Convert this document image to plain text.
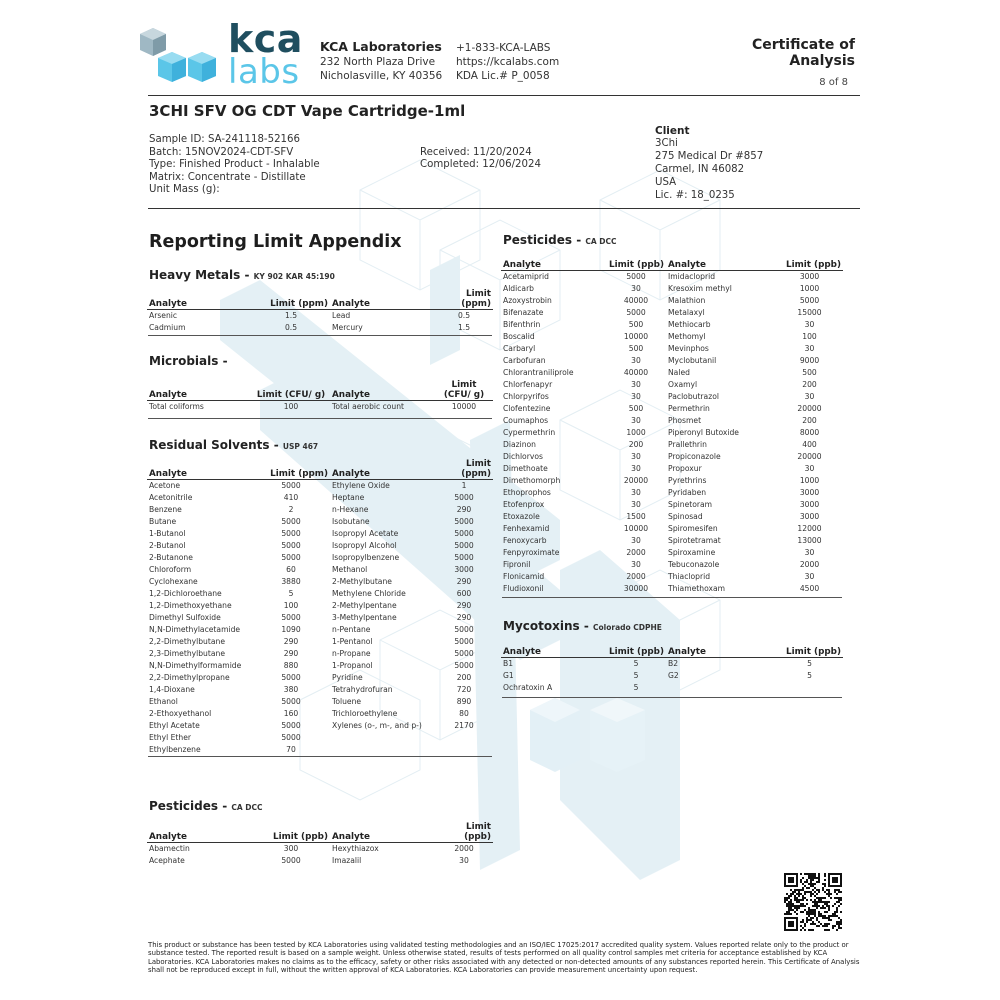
kca
labs
KCA Laboratories
232 North Plaza Drive
Nicholasville, KY 40356
+1-833-KCA-LABS
https://kcalabs.com
KDA Lic.# P_0058
Certificate of Analysis
8 of 8
3CHI SFV OG CDT Vape Cartridge-1ml
Sample ID: SA-241118-52166
Batch: 15NOV2024-CDT-SFV
Type: Finished Product - Inhalable
Matrix: Concentrate - Distillate
Unit Mass (g):
Received: 11/20/2024
Completed: 12/06/2024
Client
3Chi
275 Medical Dr #857
Carmel, IN 46082
USA
Lic. #: 18_0235
Reporting Limit Appendix
Heavy Metals - KY 902 KAR 45:190
Analyte	Limit (ppm)	Analyte	Limit (ppm)
Arsenic	1.5	Lead	0.5
Cadmium	0.5	Mercury	1.5
Microbials -
Analyte	Limit (CFU/ g)	Analyte	Limit (CFU/ g)
Total coliforms	100	Total aerobic count	10000
Residual Solvents - USP 467
Analyte	Limit (ppm)	Analyte	Limit (ppm)
Acetone	5000	Ethylene Oxide	1
Acetonitrile	410	Heptane	5000
Benzene	2	n-Hexane	290
Butane	5000	Isobutane	5000
1-Butanol	5000	Isopropyl Acetate	5000
2-Butanol	5000	Isopropyl Alcohol	5000
2-Butanone	5000	Isopropylbenzene	5000
Chloroform	60	Methanol	3000
Cyclohexane	3880	2-Methylbutane	290
1,2-Dichloroethane	5	Methylene Chloride	600
1,2-Dimethoxyethane	100	2-Methylpentane	290
Dimethyl Sulfoxide	5000	3-Methylpentane	290
N,N-Dimethylacetamide	1090	n-Pentane	5000
2,2-Dimethylbutane	290	1-Pentanol	5000
2,3-Dimethylbutane	290	n-Propane	5000
N,N-Dimethylformamide	880	1-Propanol	5000
2,2-Dimethylpropane	5000	Pyridine	200
1,4-Dioxane	380	Tetrahydrofuran	720
Ethanol	5000	Toluene	890
2-Ethoxyethanol	160	Trichloroethylene	80
Ethyl Acetate	5000	Xylenes (o-, m-, and p-)	2170
Ethyl Ether	5000		
Ethylbenzene	70		
Pesticides - CA DCC
Analyte	Limit (ppb)	Analyte	Limit (ppb)
Abamectin	300	Hexythiazox	2000
Acephate	5000	Imazalil	30
Pesticides - CA DCC
Analyte	Limit (ppb)	Analyte	Limit (ppb)
Acetamiprid	5000	Imidacloprid	3000
Aldicarb	30	Kresoxim methyl	1000
Azoxystrobin	40000	Malathion	5000
Bifenazate	5000	Metalaxyl	15000
Bifenthrin	500	Methiocarb	30
Boscalid	10000	Methomyl	100
Carbaryl	500	Mevinphos	30
Carbofuran	30	Myclobutanil	9000
Chlorantraniliprole	40000	Naled	500
Chlorfenapyr	30	Oxamyl	200
Chlorpyrifos	30	Paclobutrazol	30
Clofentezine	500	Permethrin	20000
Coumaphos	30	Phosmet	200
Cypermethrin	1000	Piperonyl Butoxide	8000
Diazinon	200	Prallethrin	400
Dichlorvos	30	Propiconazole	20000
Dimethoate	30	Propoxur	30
Dimethomorph	20000	Pyrethrins	1000
Ethoprophos	30	Pyridaben	3000
Etofenprox	30	Spinetoram	3000
Etoxazole	1500	Spinosad	3000
Fenhexamid	10000	Spiromesifen	12000
Fenoxycarb	30	Spirotetramat	13000
Fenpyroximate	2000	Spiroxamine	30
Fipronil	30	Tebuconazole	2000
Flonicamid	2000	Thiacloprid	30
Fludioxonil	30000	Thiamethoxam	4500
Mycotoxins - Colorado CDPHE
Analyte	Limit (ppb)	Analyte	Limit (ppb)
B1	5	B2	5
G1	5	G2	5
Ochratoxin A	5		
This product or substance has been tested by KCA Laboratories using validated testing methodologies and an ISO/IEC 17025:2017 accredited quality system. Values reported relate only to the product or substance tested. The reported result is based on a sample weight. Unless otherwise stated, results of tests performed on all quality control samples met criteria for acceptance established by KCA Laboratories. KCA Laboratories makes no claims as to the efficacy, safety or other risks associated with any detected or non-detected amounts of any substances reported herein. This Certificate of Analysis shall not be reproduced except in full, without the written approval of KCA Laboratories. KCA Laboratories can provide measurement uncertainty upon request.
